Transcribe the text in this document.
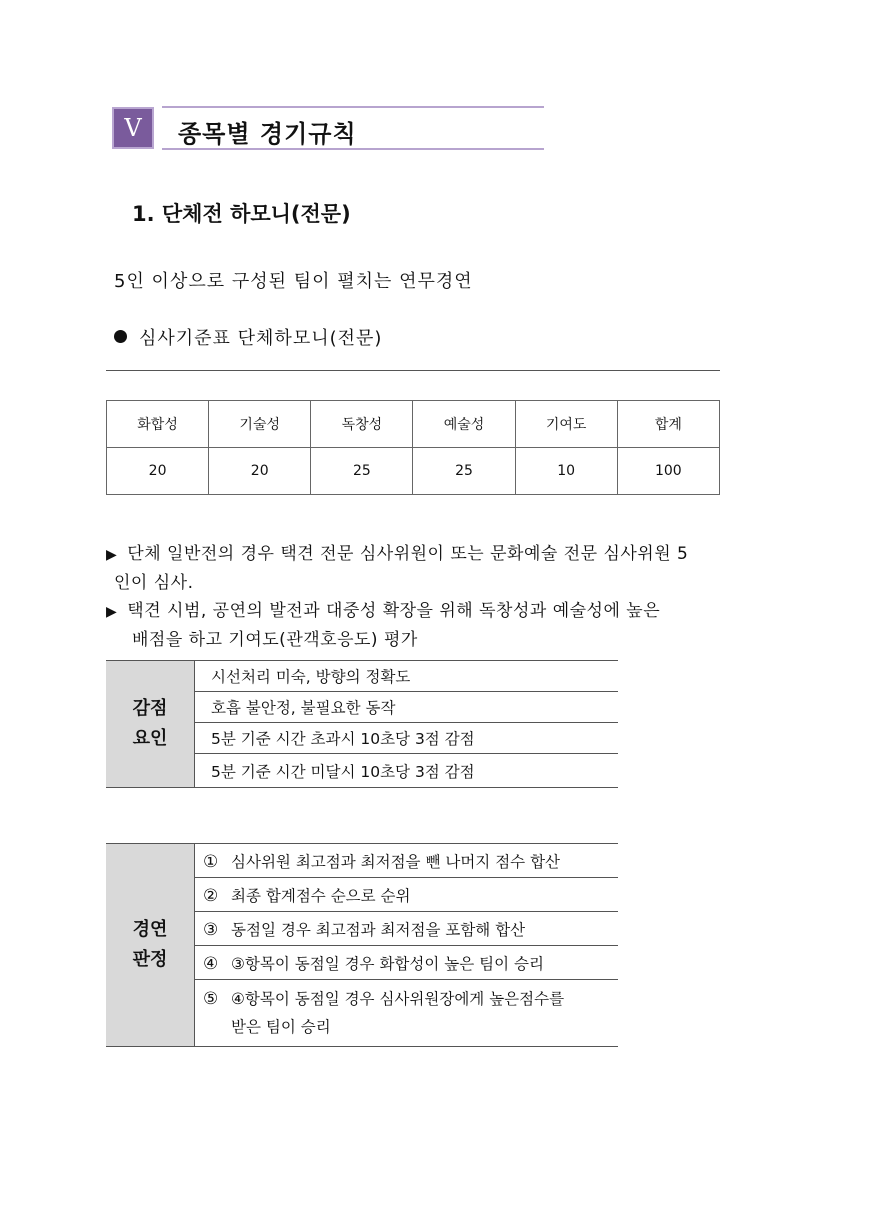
V 종목별 경기규칙
1. 단체전 하모니(전문)
5인 이상으로 구성된 팀이 펼치는 연무경연
심사기준표 단체하모니(전문)
화합성	기술성	독창성	예술성	기여도	합계
20	20	25	25	10	100
▶ 단체 일반전의 경우 택견 전문 심사위원이 또는 문화예술 전문 심사위원 5
인이 심사.
▶ 택견 시범, 공연의 발전과 대중성 확장을 위해 독창성과 예술성에 높은
배점을 하고 기여도(관객호응도) 평가
감점
요인	시선처리 미숙, 방향의 정확도
호흡 불안정, 불필요한 동작
5분 기준 시간 초과시 10초당 3점 감점
5분 기준 시간 미달시 10초당 3점 감점
경연
판정	① 심사위원 최고점과 최저점을 뺀 나머지 점수 합산
② 최종 합계점수 순으로 순위
③ 동점일 경우 최고점과 최저점을 포함해 합산
④ ③항목이 동점일 경우 화합성이 높은 팀이 승리
⑤ ④항목이 동점일 경우 심사위원장에게 높은점수를
받은 팀이 승리
